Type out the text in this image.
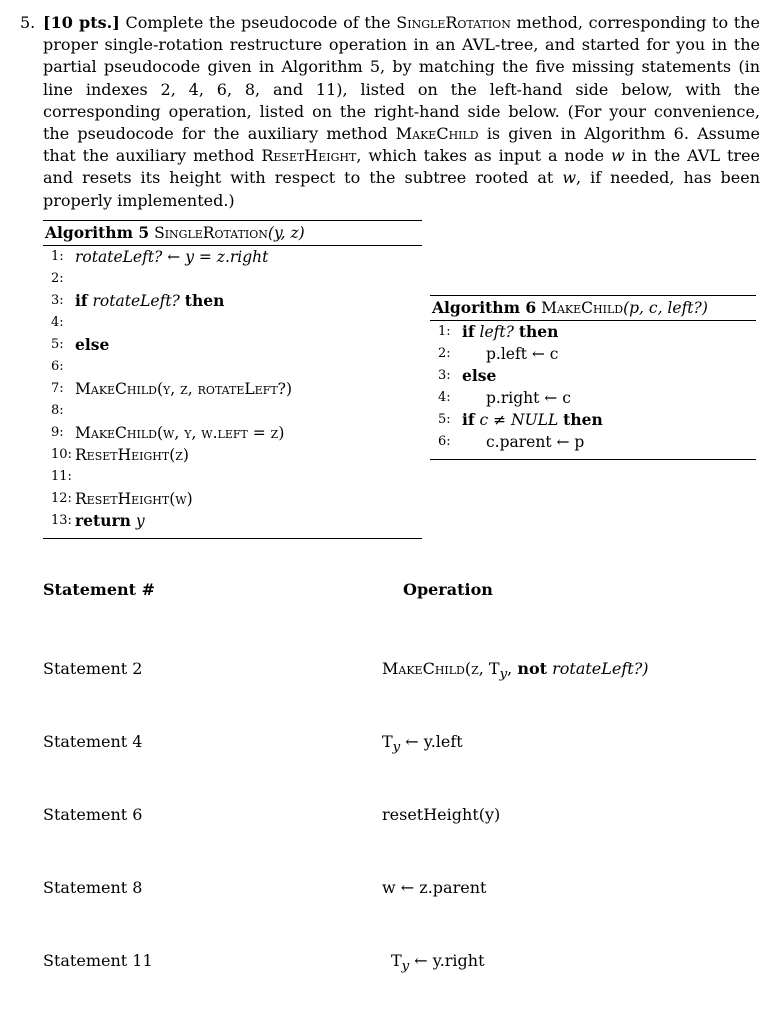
5. [10 pts.] Complete the pseudocode of the SingleRotation method, corresponding to the proper single-rotation restructure operation in an AVL-tree, and started for you in the partial pseudocode given in Algorithm 5, by matching the five missing statements (in line indexes 2, 4, 6, 8, and 11), listed on the left-hand side below, with the corresponding operation, listed on the right-hand side below. (For your convenience, the pseudocode for the auxiliary method MakeChild is given in Algorithm 6. Assume that the auxiliary method ResetHeight, which takes as input a node w in the AVL tree and resets its height with respect to the subtree rooted at w, if needed, has been properly implemented.)
Algorithm 5 SingleRotation(y, z)
1: rotateLeft? ← y = z.right
2:
3: if rotateLeft? then
4:
5: else
6:
7: MakeChild(y, z, rotateLeft?)
8:
9: MakeChild(w, y, w.left = z)
10: ResetHeight(z)
11:
12: ResetHeight(w)
13: return y
Algorithm 6 MakeChild(p, c, left?)
1: if left? then
2:	p.left ← c
3: else
4:	p.right ← c
5: if c ≠ NULL then
6:	c.parent ← p
Statement #	Operation
Statement 2	MakeChild(z, $T_y$, not rotateLeft?)
Statement 4	$T_y$ ← y.left
Statement 6	resetHeight(y)
Statement 8	w ← z.parent
Statement 11	$T_y$ ← y.right
